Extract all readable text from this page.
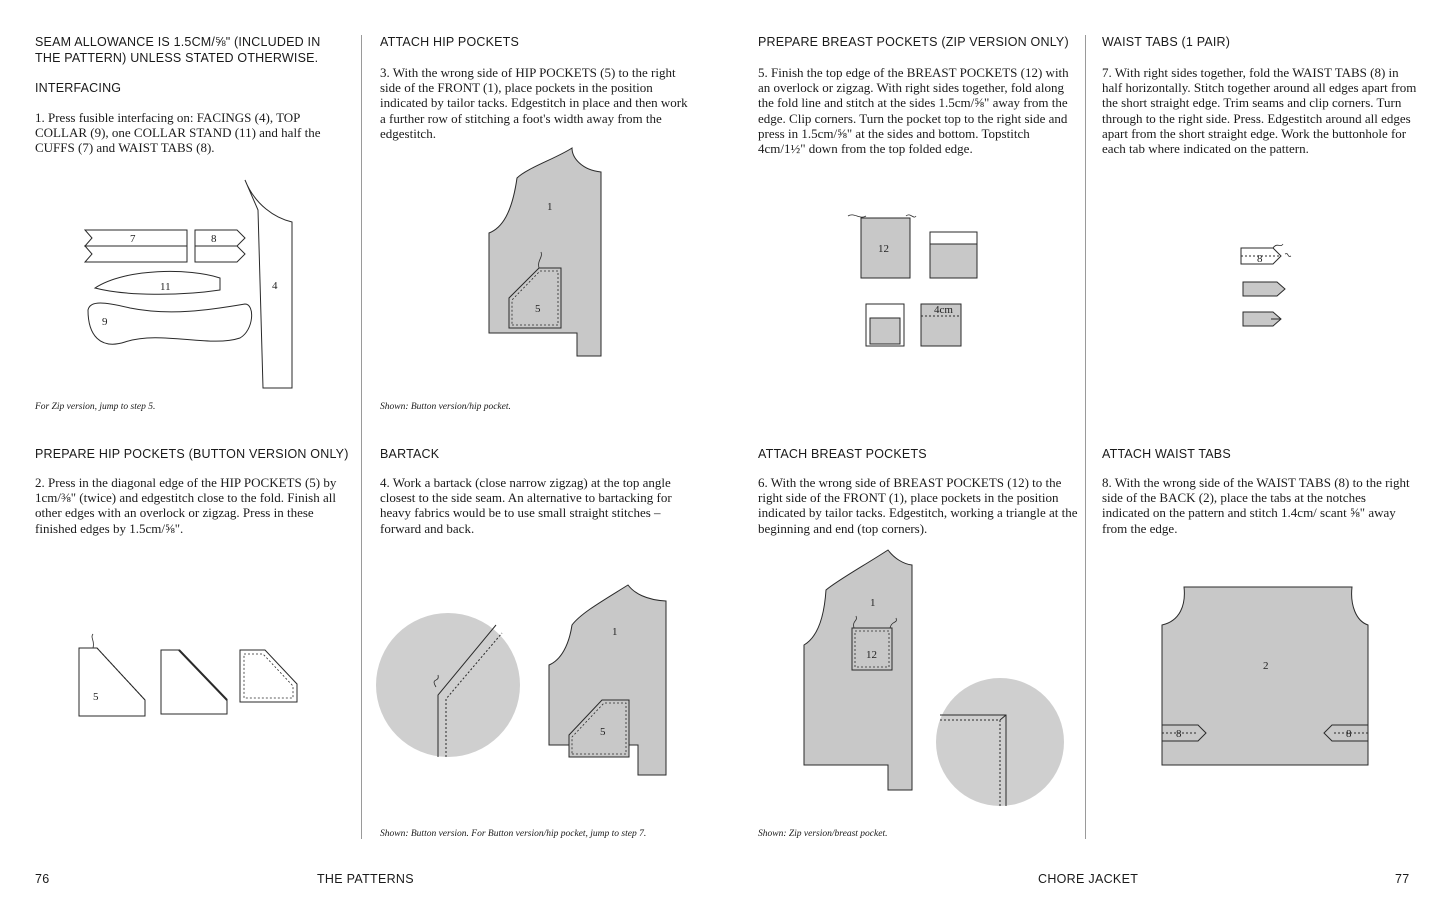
SEAM ALLOWANCE IS 1.5CM/⅝" (INCLUDED IN THE PATTERN) UNLESS STATED OTHERWISE.
INTERFACING
1. Press fusible interfacing on: FACINGS (4), TOP COLLAR (9), one COLLAR STAND (11) and half the CUFFS (7) and WAIST TABS (8).
7	8
11
9
4
For Zip version, jump to step 5.
PREPARE HIP POCKETS (BUTTON VERSION ONLY)
2. Press in the diagonal edge of the HIP POCKETS (5) by 1cm/⅜" (twice) and edgestitch close to the fold. Finish all other edges with an overlock or zigzag. Press in these finished edges by 1.5cm/⅝".
5
ATTACH HIP POCKETS
3. With the wrong side of HIP POCKETS (5) to the right side of the FRONT (1), place pockets in the position indicated by tailor tacks. Edgestitch in place and then work a further row of stitching a foot's width away from the edgestitch.
1
5
Shown: Button version/hip pocket.
BARTACK
4. Work a bartack (close narrow zigzag) at the top angle closest to the side seam. An alternative to bartacking for heavy fabrics would be to use small straight stitches – forward and back.
1
5
Shown: Button version. For Button version/hip pocket, jump to step 7.
PREPARE BREAST POCKETS (ZIP VERSION ONLY)
5. Finish the top edge of the BREAST POCKETS (12) with an overlock or zigzag. With right sides together, fold along the fold line and stitch at the sides 1.5cm/⅝" away from the edge. Clip corners. Turn the pocket top to the right side and press in 1.5cm/⅝" at the sides and bottom. Topstitch 4cm/1½" down from the top folded edge.
12
4cm
ATTACH BREAST POCKETS
6. With the wrong side of BREAST POCKETS (12) to the right side of the FRONT (1), place pockets in the position indicated by tailor tacks. Edgestitch, working a triangle at the beginning and end (top corners).
1
12
Shown: Zip version/breast pocket.
WAIST TABS (1 PAIR)
7. With right sides together, fold the WAIST TABS (8) in half horizontally. Stitch together around all edges apart from the short straight edge. Trim seams and clip corners. Turn through to the right side. Press. Edgestitch around all edges apart from the short straight edge. Work the buttonhole for each tab where indicated on the pattern.
8
ATTACH WAIST TABS
8. With the wrong side of the WAIST TABS (8) to the right side of the BACK (2), place the tabs at the notches indicated on the pattern and stitch 1.4cm/ scant ⅝" away from the edge.
2
8	8
76	THE PATTERNS	CHORE JACKET	77
